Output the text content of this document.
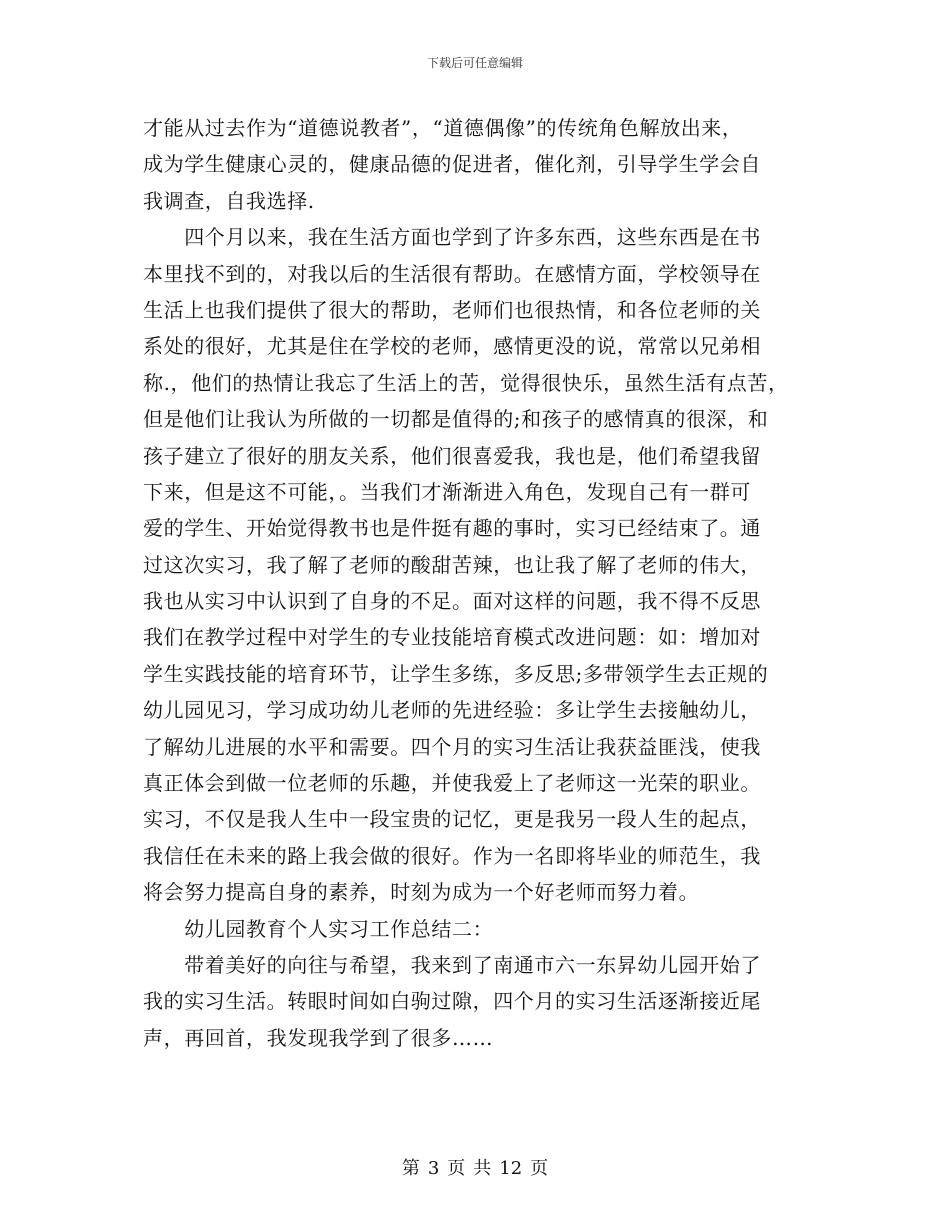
下载后可任意编辑
才能从过去作为“道德说教者”，“道德偶像”的传统角色解放出来，
成为学生健康心灵的，健康品德的促进者，催化剂，引导学生学会自
我调查，自我选择.
　　四个月以来，我在生活方面也学到了许多东西，这些东西是在书
本里找不到的，对我以后的生活很有帮助。在感情方面，学校领导在
生活上也我们提供了很大的帮助，老师们也很热情，和各位老师的关
系处的很好，尤其是住在学校的老师，感情更没的说，常常以兄弟相
称.，他们的热情让我忘了生活上的苦，觉得很快乐，虽然生活有点苦，
但是他们让我认为所做的一切都是值得的;和孩子的感情真的很深，和
孩子建立了很好的朋友关系，他们很喜爱我，我也是，他们希望我留
下来，但是这不可能，。当我们才渐渐进入角色，发现自己有一群可
爱的学生、开始觉得教书也是件挺有趣的事时，实习已经结束了。通
过这次实习，我了解了老师的酸甜苦辣，也让我了解了老师的伟大，
我也从实习中认识到了自身的不足。面对这样的问题，我不得不反思
我们在教学过程中对学生的专业技能培育模式改进问题：如：增加对
学生实践技能的培育环节，让学生多练，多反思;多带领学生去正规的
幼儿园见习，学习成功幼儿老师的先进经验：多让学生去接触幼儿，
了解幼儿进展的水平和需要。四个月的实习生活让我获益匪浅，使我
真正体会到做一位老师的乐趣，并使我爱上了老师这一光荣的职业。
实习，不仅是我人生中一段宝贵的记忆，更是我另一段人生的起点，
我信任在未来的路上我会做的很好。作为一名即将毕业的师范生，我
将会努力提高自身的素养，时刻为成为一个好老师而努力着。
　　幼儿园教育个人实习工作总结二：
　　带着美好的向往与希望，我来到了南通市六一东昇幼儿园开始了
我的实习生活。转眼时间如白驹过隙，四个月的实习生活逐渐接近尾
声，再回首，我发现我学到了很多……
第 3 页 共 12 页
